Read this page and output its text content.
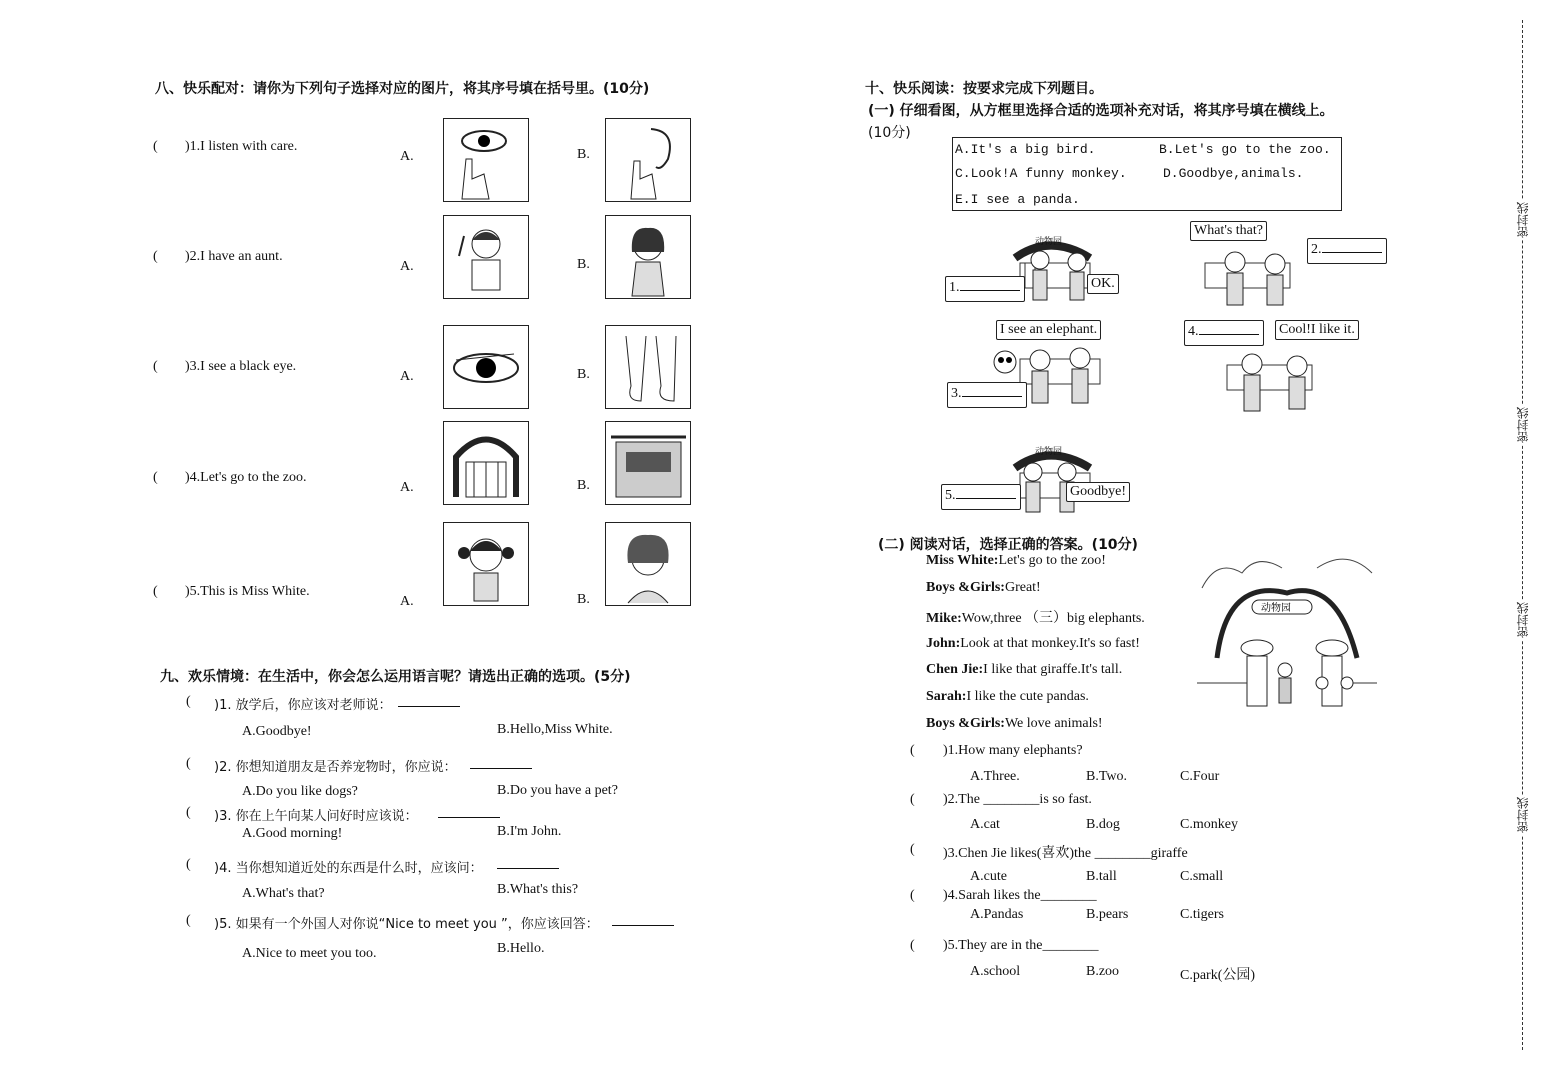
八、快乐配对：请你为下列句子选择对应的图片，将其序号填在括号里。(10分)
( )1.I listen with care.
A.	B.
( )2.I have an aunt.
A.	B.
( )3.I see a black eye.
A.	B.
( )4.Let's go to the zoo.
A.	B.
( )5.This is Miss White.
A.	B.
九、欢乐情境：在生活中，你会怎么运用语言呢？请选出正确的选项。(5分)
( )1. 放学后，你应该对老师说：
A.Goodbye!	B.Hello,Miss White.
( )2. 你想知道朋友是否养宠物时，你应说：
A.Do you like dogs?	B.Do you have a pet?
( )3. 你在上午向某人问好时应该说：
A.Good morning!	B.I'm John.
( )4. 当你想知道近处的东西是什么时，应该问：
A.What's that?	B.What's this?
( )5. 如果有一个外国人对你说“Nice to meet you ”，你应该回答：
A.Nice to meet you too.	B.Hello.
十、快乐阅读：按要求完成下列题目。
(一) 仔细看图，从方框里选择合适的选项补充对话，将其序号填在横线上。
(10分)
A.It's a big bird.	B.Let's go to the zoo.
C.Look!A funny monkey.	D.Goodbye,animals.
E.I see a panda.
动物园
1.	OK.
What's that?
2.
I see an elephant.
3.
4.	Cool!I like it.
动物园
5.	Goodbye!
(二) 阅读对话，选择正确的答案。(10分)
Miss White:Let's go to the zoo!
Boys &Girls:Great!
Mike:Wow,three （三）big elephants.
John:Look at that monkey.It's so fast!
Chen Jie:I like that giraffe.It's tall.
Sarah:I like the cute pandas.
Boys &Girls:We love animals!
动物园
( )1.How many elephants?
A.Three.	B.Two.	C.Four
( )2.The ________is so fast.
A.cat	B.dog	C.monkey
( )3.Chen Jie likes(喜欢)the ________giraffe
A.cute	B.tall	C.small
( )4.Sarah likes the________
A.Pandas	B.pears	C.tigers
( )5.They are in the________
A.school	B.zoo	C.park(公园)
密封线
密封线
密封线
密封线
